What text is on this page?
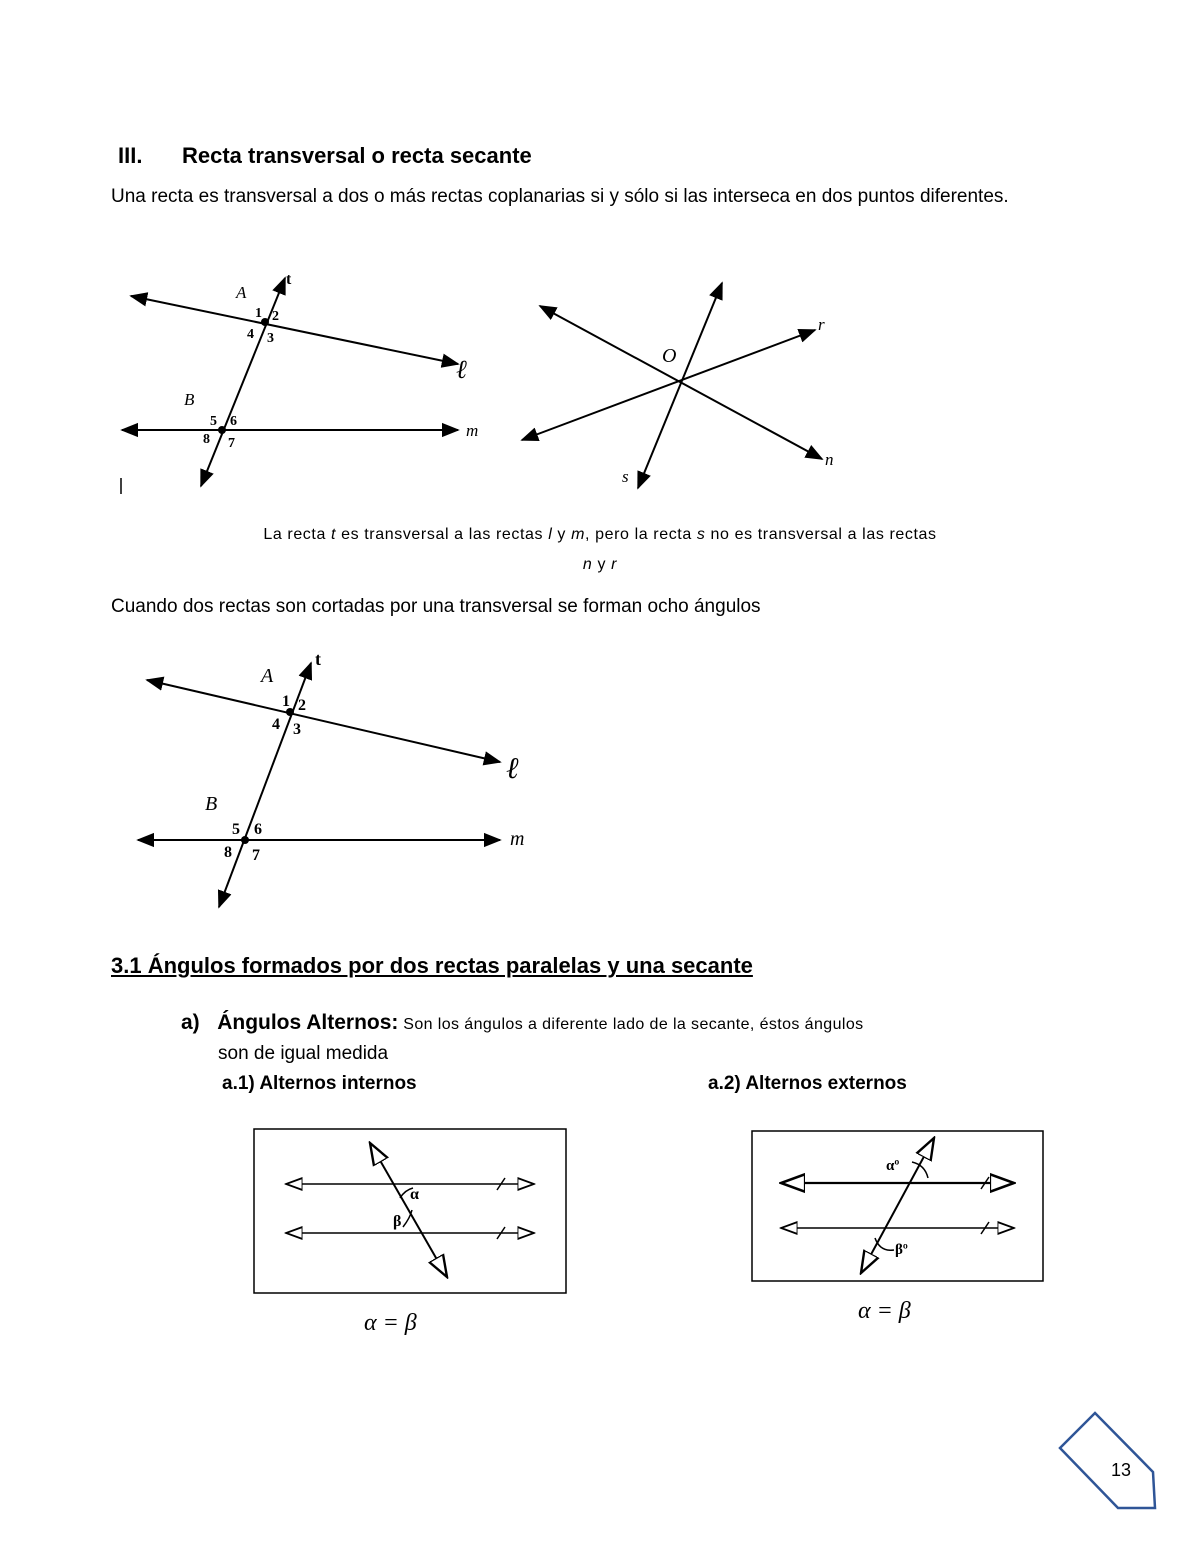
III. Recta transversal o recta secante
Una recta es transversal a dos o más rectas coplanarias si y sólo si las interseca en dos puntos diferentes.
A
B
ℓ
m
t
1 2
3
4
5 6
7
8
O
r
n
s
A
B
ℓ
m
t
1 2
3
4
5 6
7
8
α
β
α = β
αº
βº
α = β
La recta t es transversal a las rectas l y m, pero la recta s no es transversal a las rectas
n y r
Cuando dos rectas son cortadas por una transversal se forman ocho ángulos
3.1 Ángulos formados por dos rectas paralelas y una secante
a) Ángulos Alternos: Son los ángulos a diferente lado de la secante, éstos ángulos
son de igual medida
a.1) Alternos internos	a.2) Alternos externos
13
